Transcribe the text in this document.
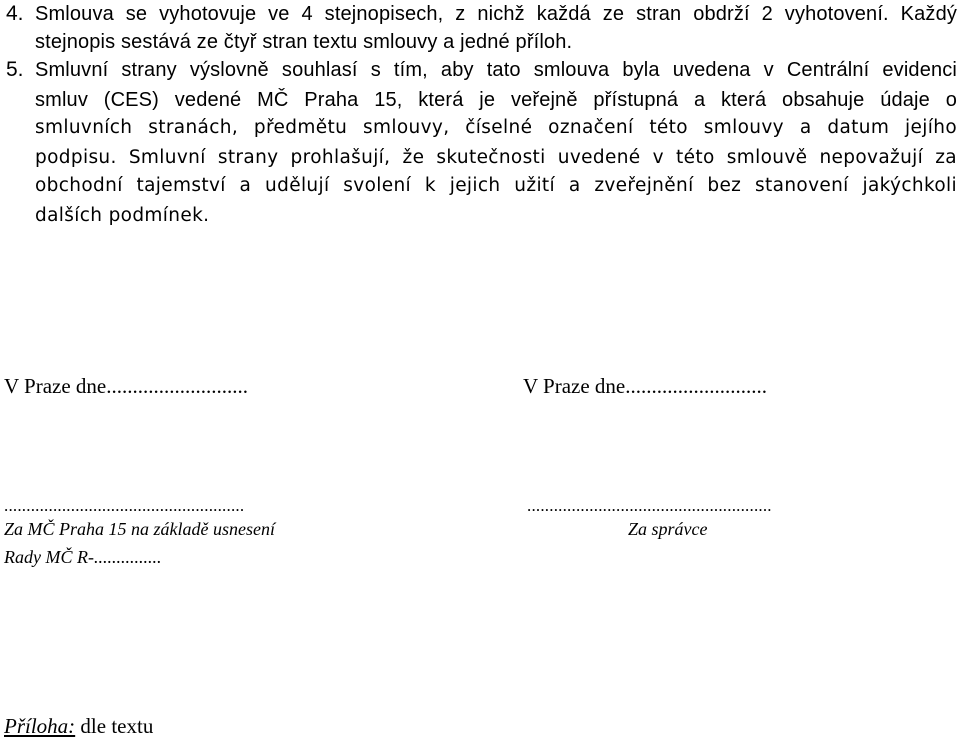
4. Smlouva se vyhotovuje ve 4 stejnopisech, z nichž každá ze stran obdrží 2 vyhotovení. Každý
stejnopis sestává ze čtyř stran textu smlouvy a jedné příloh.
5. Smluvní strany výslovně souhlasí s tím, aby tato smlouva byla uvedena v Centrální evidenci
smluv (CES) vedené MČ Praha 15, která je veřejně přístupná a která obsahuje údaje o
smluvních stranách, předmětu smlouvy, číselné označení této smlouvy a datum jejího
podpisu. Smluvní strany prohlašují, že skutečnosti uvedené v této smlouvě nepovažují za
obchodní tajemství a udělují svolení k jejich užití a zveřejnění bez stanovení jakýchkoli
dalších podmínek.
V Praze dne...........................
......................................................
Za MČ Praha 15 na základě usnesení
Rady MČ R-...............
V Praze dne...........................
.......................................................
Za správce
Příloha: dle textu
